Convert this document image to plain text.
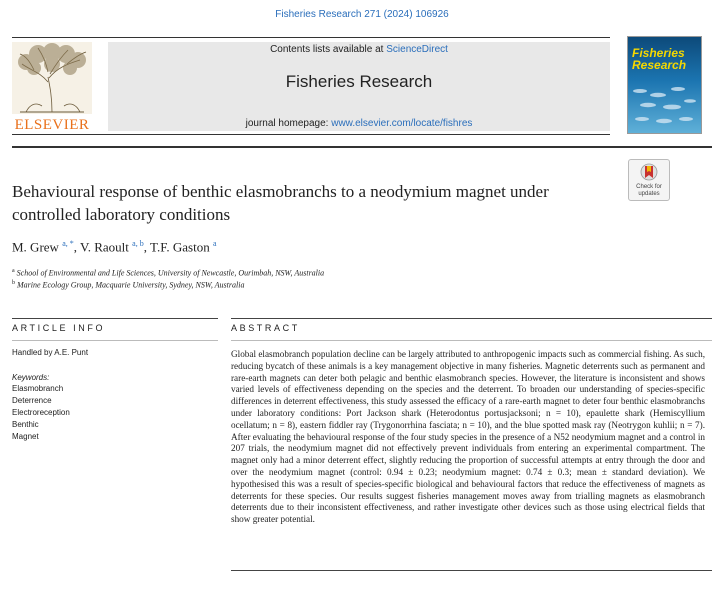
Fisheries Research 271 (2024) 106926
ELSEVIER
Contents lists available at ScienceDirect
Fisheries Research
journal homepage: www.elsevier.com/locate/fishres
Fisheries Research
Check for updates
Behavioural response of benthic elasmobranchs to a neodymium magnet under controlled laboratory conditions
M. Grew $^{a, *}$, V. Raoult $^{a, b}$, T.F. Gaston $^a$
$^a$ School of Environmental and Life Sciences, University of Newcastle, Ourimbah, NSW, Australia
$^b$ Marine Ecology Group, Macquarie University, Sydney, NSW, Australia
ARTICLE INFO	ABSTRACT
Handled by A.E. Punt
Keywords:
Elasmobranch
Deterrence
Electroreception
Benthic
Magnet
Global elasmobranch population decline can be largely attributed to anthropogenic impacts such as commercial fishing. As such, reducing bycatch of these animals is a key management objective in many fisheries. Magnetic deterrents such as permanent and rare-earth magnets can deter both pelagic and benthic elasmobranch species. However, the literature is inconsistent and shows varied levels of effectiveness depending on the species and the deterrent. To broaden our understanding of species-specific differences in deterrent effectiveness, this study assessed the efficacy of a rare-earth magnet to deter four benthic elasmobranchs under laboratory conditions: Port Jackson shark (Heterodontus portusjacksoni; n = 10), epaulette shark (Hemiscyllium ocellatum; n = 8), eastern fiddler ray (Trygonorrhina fasciata; n = 10), and the blue spotted mask ray (Neotrygon kuhlii; n = 7). After evaluating the behavioural response of the four study species in the presence of a N52 neodymium magnet and a control in 207 trials, the neodymium magnet did not effectively prevent individuals from entering an experimental compartment. The magnet only had a minor deterrent effect, slightly reducing the proportion of successful attempts at entry through the door and over the neodymium magnet (control: 0.94 ± 0.23; neodymium magnet: 0.74 ± 0.3; mean ± standard deviation). We hypothesised this was a result of species-specific biological and behavioural factors that reduce the effectiveness of magnets as deterrents for these species. Our results suggest fisheries management moves away from trialling magnets as elasmobranch deterrents due to their inconsistent effectiveness, and rather investigate other devices such as those using electrical fields that show greater potential.
